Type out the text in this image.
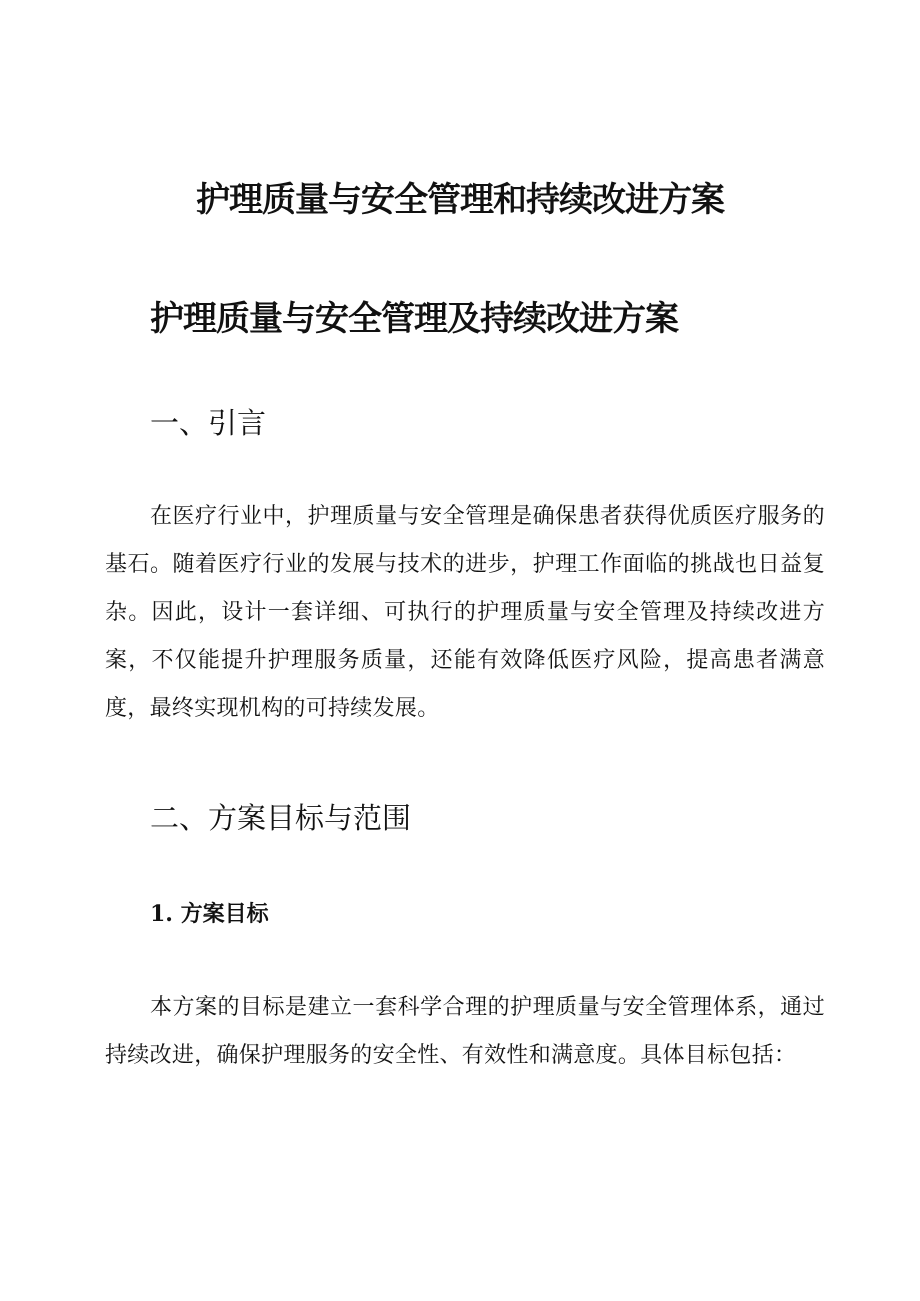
护理质量与安全管理和持续改进方案
护理质量与安全管理及持续改进方案
一、引言

在医疗行业中，护理质量与安全管理是确保患者获得优质医疗服务的基石。随着医疗行业的发展与技术的进步，护理工作面临的挑战也日益复杂。因此，设计一套详细、可执行的护理质量与安全管理及持续改进方案，不仅能提升护理服务质量，还能有效降低医疗风险，提高患者满意度，最终实现机构的可持续发展。

二、方案目标与范围
1. 方案目标

本方案的目标是建立一套科学合理的护理质量与安全管理体系，通过持续改进，确保护理服务的安全性、有效性和满意度。具体目标包括：
